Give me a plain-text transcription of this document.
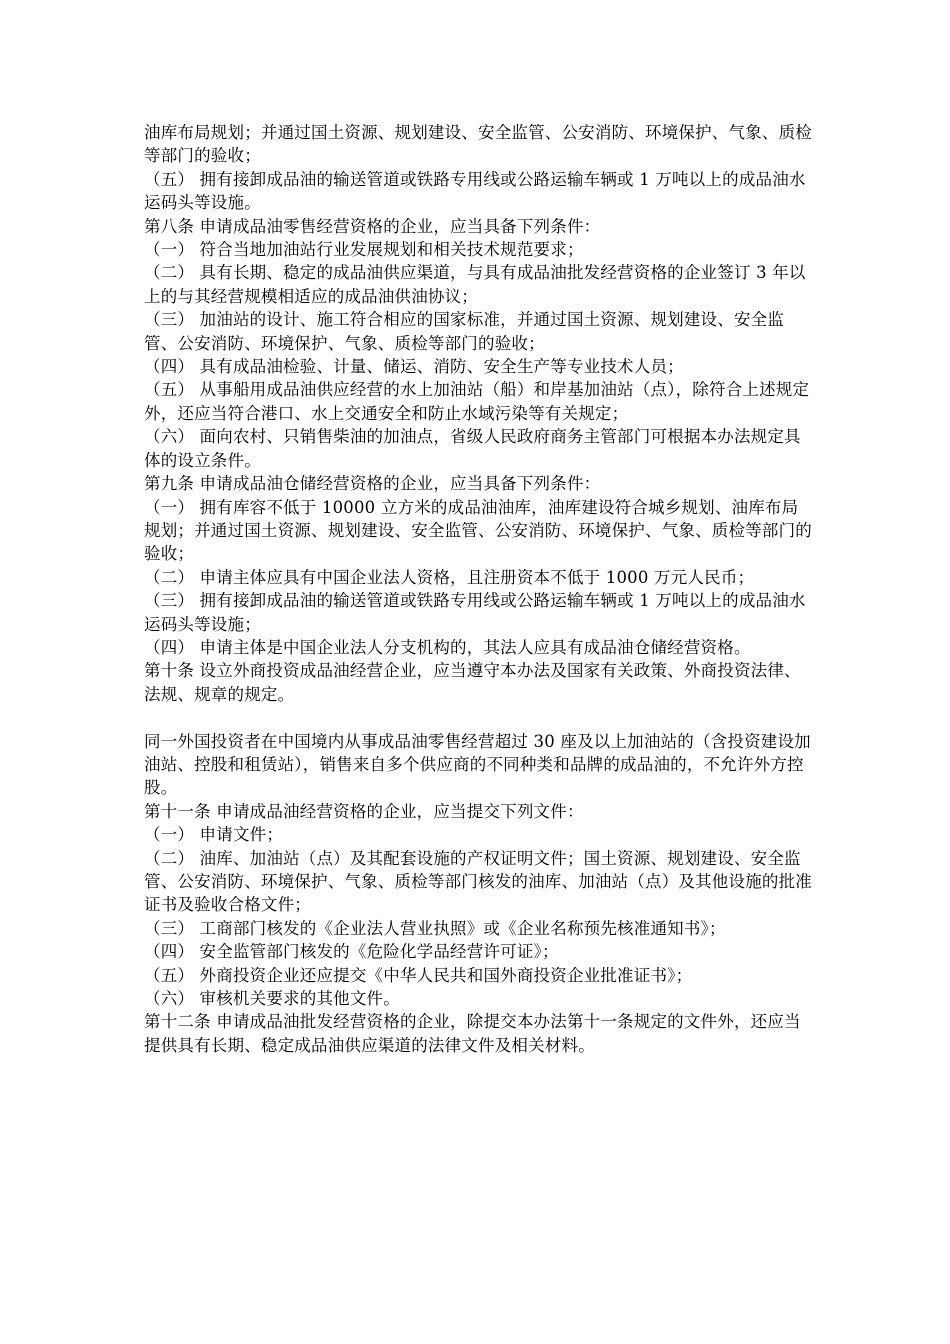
油库布局规划；并通过国土资源、规划建设、安全监管、公安消防、环境保护、气象、质检等部门的验收；

（五） 拥有接卸成品油的输送管道或铁路专用线或公路运输车辆或 1 万吨以上的成品油水运码头等设施。

第八条 申请成品油零售经营资格的企业，应当具备下列条件：

（一） 符合当地加油站行业发展规划和相关技术规范要求；

（二） 具有长期、稳定的成品油供应渠道，与具有成品油批发经营资格的企业签订 3 年以上的与其经营规模相适应的成品油供油协议；

（三） 加油站的设计、施工符合相应的国家标准，并通过国土资源、规划建设、安全监管、公安消防、环境保护、气象、质检等部门的验收；

（四） 具有成品油检验、计量、储运、消防、安全生产等专业技术人员；

（五） 从事船用成品油供应经营的水上加油站（船）和岸基加油站（点），除符合上述规定外，还应当符合港口、水上交通安全和防止水域污染等有关规定；

（六） 面向农村、只销售柴油的加油点，省级人民政府商务主管部门可根据本办法规定具体的设立条件。

第九条 申请成品油仓储经营资格的企业，应当具备下列条件：

（一） 拥有库容不低于 10000 立方米的成品油油库，油库建设符合城乡规划、油库布局规划；并通过国土资源、规划建设、安全监管、公安消防、环境保护、气象、质检等部门的验收；

（二） 申请主体应具有中国企业法人资格，且注册资本不低于 1000 万元人民币；

（三） 拥有接卸成品油的输送管道或铁路专用线或公路运输车辆或 1 万吨以上的成品油水运码头等设施；

（四） 申请主体是中国企业法人分支机构的，其法人应具有成品油仓储经营资格。

第十条 设立外商投资成品油经营企业，应当遵守本办法及国家有关政策、外商投资法律、法规、规章的规定。

同一外国投资者在中国境内从事成品油零售经营超过 30 座及以上加油站的（含投资建设加油站、控股和租赁站），销售来自多个供应商的不同种类和品牌的成品油的，不允许外方控股。

第十一条 申请成品油经营资格的企业，应当提交下列文件：

（一） 申请文件；

（二） 油库、加油站（点）及其配套设施的产权证明文件；国土资源、规划建设、安全监管、公安消防、环境保护、气象、质检等部门核发的油库、加油站（点）及其他设施的批准证书及验收合格文件；

（三） 工商部门核发的《企业法人营业执照》或《企业名称预先核准通知书》；

（四） 安全监管部门核发的《危险化学品经营许可证》；

（五） 外商投资企业还应提交《中华人民共和国外商投资企业批准证书》；

（六） 审核机关要求的其他文件。

第十二条 申请成品油批发经营资格的企业，除提交本办法第十一条规定的文件外，还应当提供具有长期、稳定成品油供应渠道的法律文件及相关材料。
